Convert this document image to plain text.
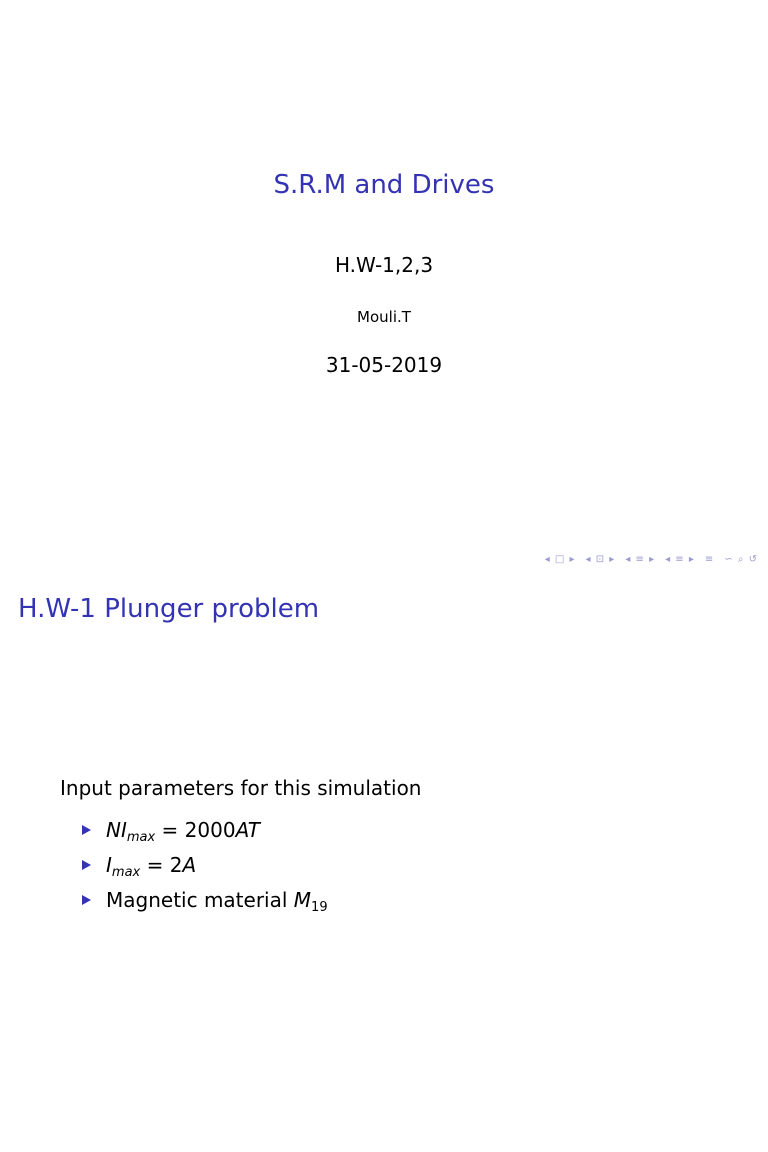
S.R.M and Drives
H.W-1,2,3
Mouli.T
31-05-2019
◂ □ ▸ ◂ ⊡ ▸ ◂ ≡ ▸ ◂ ≡ ▸ ≡ ∽ ⌕ ↺
H.W-1 Plunger problem
Input parameters for this simulation
$NI_{max} = 2000AT$
$I_{max} = 2A$
Magnetic material $M_{19}$
